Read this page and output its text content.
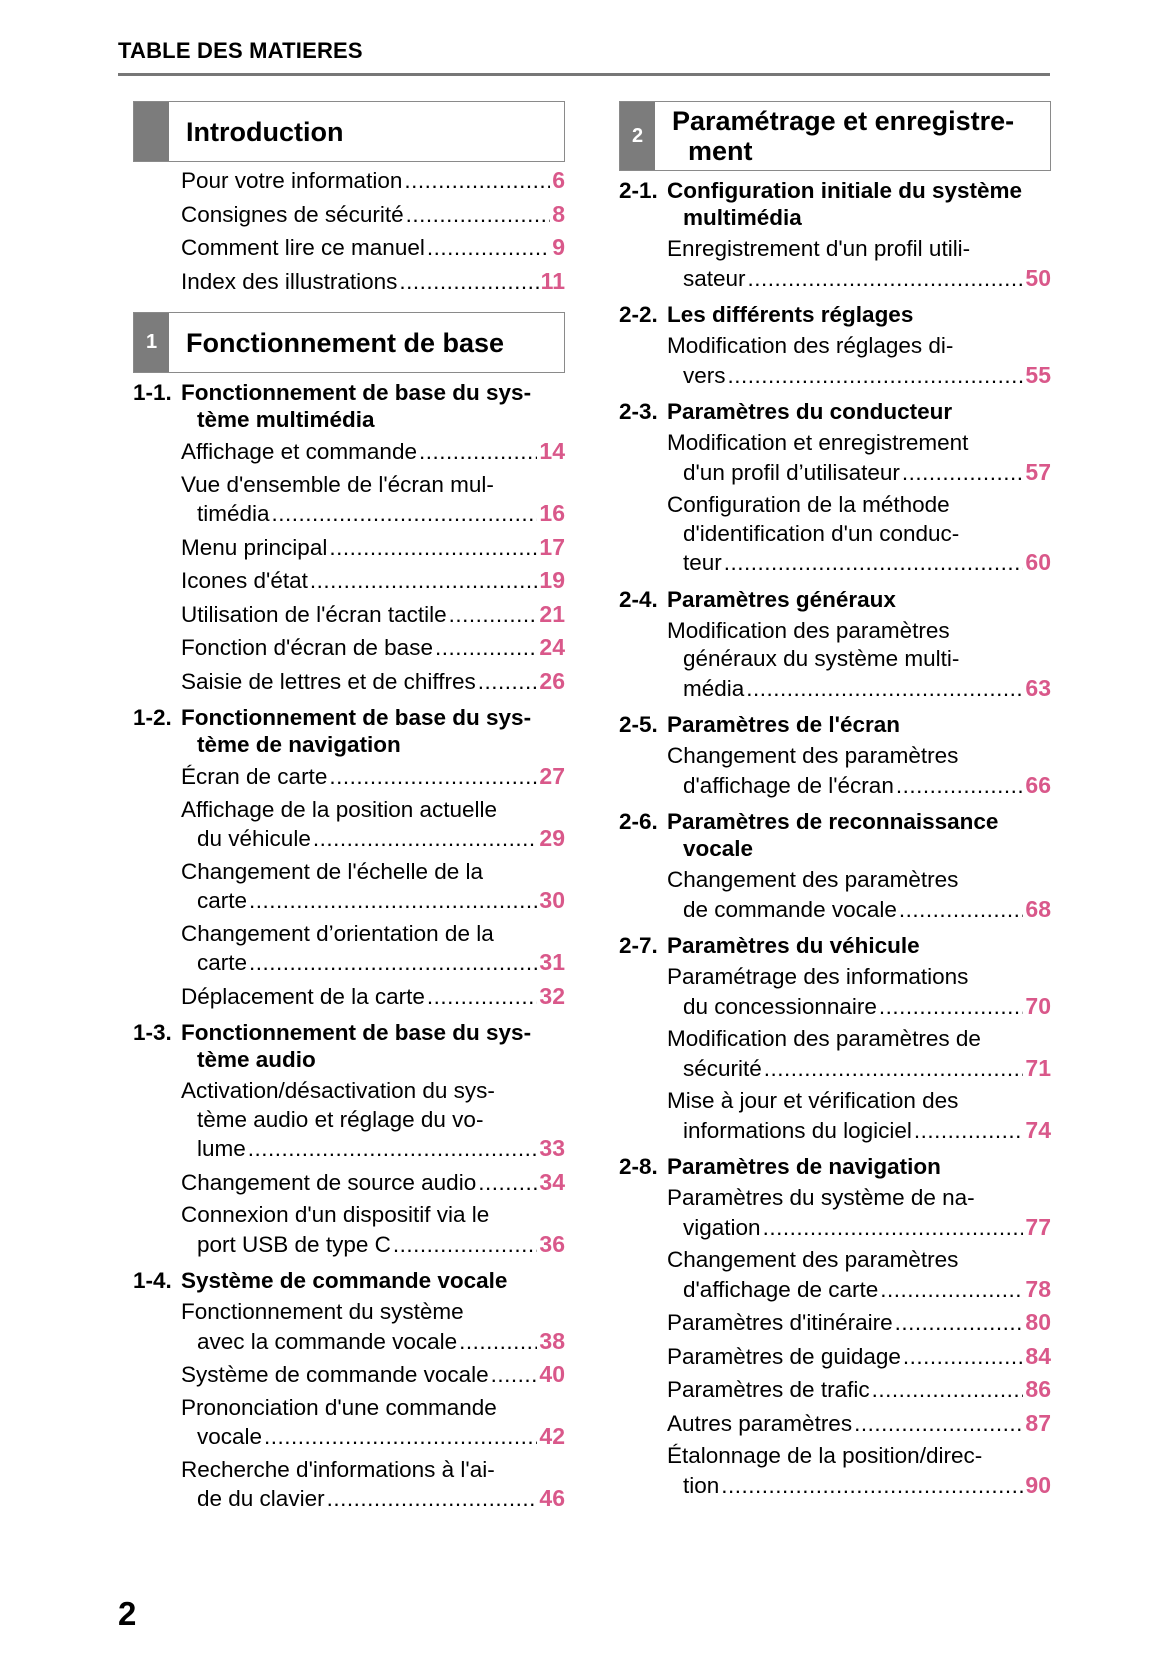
TABLE DES MATIERES
Introduction
Pour votre information .....	6
Consignes de sécurité .....	8
Comment lire ce manuel .....	9
Index des illustrations .....	11
1	Fonctionnement de base
1-1. Fonctionnement de base du sys-
tème multimédia
Affichage et commande .....	14
Vue d'ensemble de l'écran mul-
timédia .....	16
Menu principal .....	17
Icones d'état .....	19
Utilisation de l'écran tactile .....	21
Fonction d'écran de base .....	24
Saisie de lettres et de chiffres .....	26
1-2. Fonctionnement de base du sys-
tème de navigation
Écran de carte .....	27
Affichage de la position actuelle
du véhicule .....	29
Changement de l'échelle de la
carte .....	30
Changement d’orientation de la
carte .....	31
Déplacement de la carte .....	32
1-3. Fonctionnement de base du sys-
tème audio
Activation/désactivation du sys-
tème audio et réglage du vo-
lume .....	33
Changement de source audio .....	34
Connexion d'un dispositif via le
port USB de type C .....	36
1-4. Système de commande vocale
Fonctionnement du système
avec la commande vocale .....	38
Système de commande vocale ..... 40
Prononciation d'une commande
vocale .....	42
Recherche d'informations à l'ai-
de du clavier .....	46
2	Paramétrage et enregistre-
ment
2-1. Configuration initiale du système
multimédia
Enregistrement d'un profil utili-
sateur .....	50
2-2. Les différents réglages
Modification des réglages di-
vers .....	55
2-3. Paramètres du conducteur
Modification et enregistrement
d'un profil d’utilisateur .....	57
Configuration de la méthode
d'identification d'un conduc-
teur .....	60
2-4. Paramètres généraux
Modification des paramètres
généraux du système multi-
média .....	63
2-5. Paramètres de l'écran
Changement des paramètres
d'affichage de l'écran .....	66
2-6. Paramètres de reconnaissance
vocale
Changement des paramètres
de commande vocale .....	68
2-7. Paramètres du véhicule
Paramétrage des informations
du concessionnaire .....	70
Modification des paramètres de
sécurité .....	71
Mise à jour et vérification des
informations du logiciel .....	74
2-8. Paramètres de navigation
Paramètres du système de na-
vigation .....	77
Changement des paramètres
d'affichage de carte .....	78
Paramètres d'itinéraire .....	80
Paramètres de guidage .....	84
Paramètres de trafic .....	86
Autres paramètres .....	87
Étalonnage de la position/direc-
tion .....	90
2
